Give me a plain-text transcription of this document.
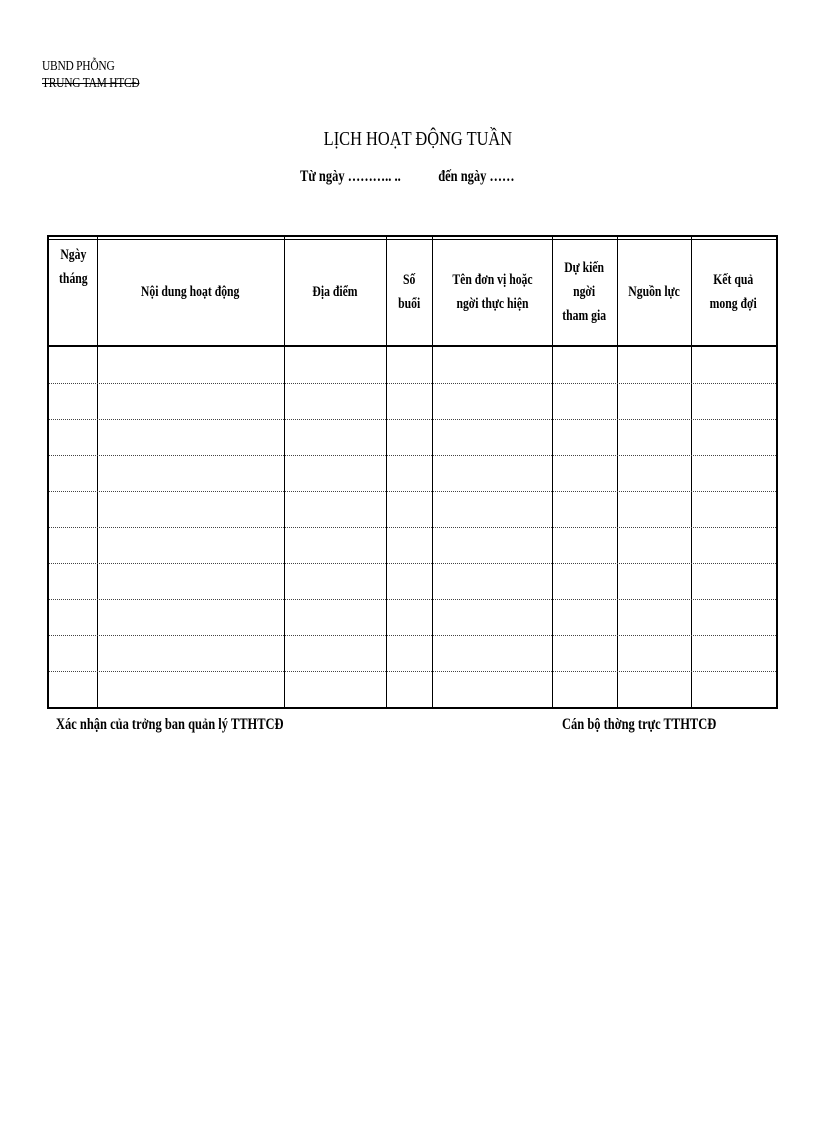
UBND PHỖNG
TRUNG TAM HTCĐ
LỊCH HOẠT ĐỘNG TUẦN
Từ ngày ……….. .. đến ngày ……
Ngày
tháng
Nội dung hoạt động	Địa điểm
Số
buổi
Tên đơn vị hoặc
ngời thực hiện
Dự kiến
ngời
tham gia
Nguồn lực
Kết quả
mong đợi
Xác nhận của trởng ban quản lý TTHTCĐ	Cán bộ thờng trực TTHTCĐ
